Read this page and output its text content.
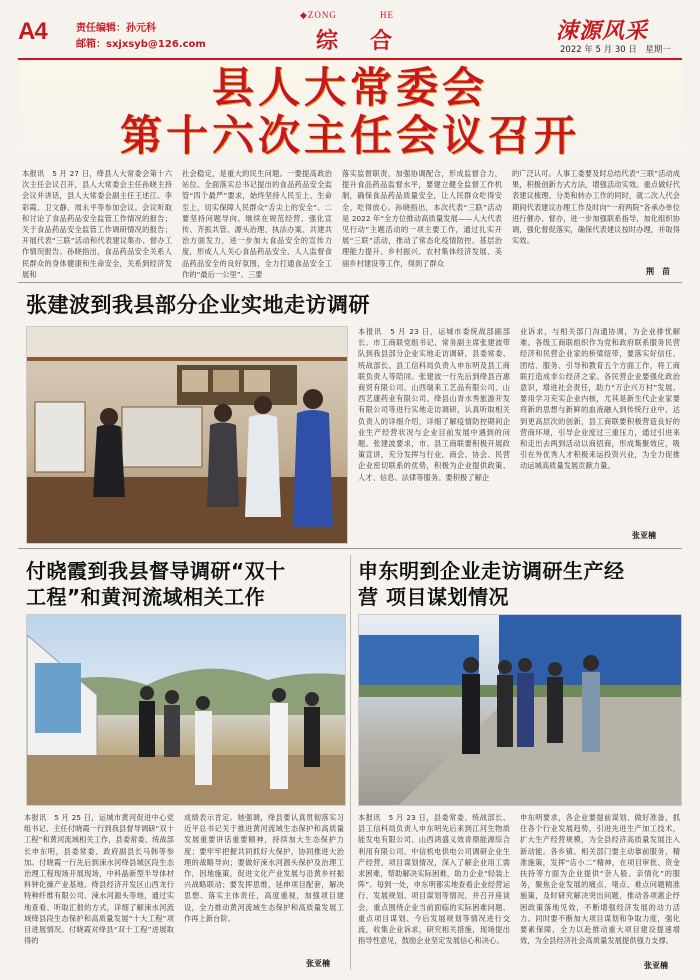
A4	责任编辑：孙元科
邮箱：sxjxsyb@126.com
◆ZONG	HE
综 合	涑源风采
2022 年 5 月 30 日　星期一
县人大常委会
第十六次主任会议召开
本报讯　5 月 27 日，绛县人大常委会第十六次主任会议召开，县人大常委会主任孙晓主持会议并讲话，县人大常委会副主任王述江、李彩霞、卫文静、周永平等参加会议。会议听取和讨论了食品药品安全监管工作情况的报告；关于食品药品安全监管工作调研情况的报告；开展代表“三联”活动和代表建议集办、督办工作情况报告。孙晓指出，食品药品安全关系人民群众的身体健康和生命安全，关系到经济发展和
社会稳定，是重大的民生问题。一要提高政治站位。全面落实总书记提出的食品药品安全监管“四个最严”要求，始终坚持人民至上、生命至上，切实保障人民群众“舌尖上的安全”。二要坚持问题导向。继续在规范经营、强化宣传、齐抓共管、源头治理、执法办案、共建共治方面发力，进一步加大食品安全的宣传力度，形成人人关心食品药品安全、人人监督食品药品安全的良好氛围，全力打通食品安全工作的“最后一公里”。三要
落实监督职责，加强协调配合，形成监督合力，提升食品药品监督水平，要建立健全监督工作机制，确保食品药品质量安全，让人民群众吃得安全、吃得放心。孙晓指出，本次代表“三联”活动是 2022 年“全方位推动高质量发展——人大代表见行动”主题活动的一项主要工作，通过扎实开展“三联”活动，推动了常态化疫情防控、基层治理能力提升、乡村振兴、农村集体经济发展、美丽乡村建设等工作，得到了群众
的广泛认可。人事工委要及时总结代表“三联”活动成果，积极创新方式方法，增强活动实效。重点做好代表建议梳理、分类和转办工作的同时，就二次人代会期间代表建议办理工作及时向“一府两院”各承办单位进行催办、督办，进一步加强联系指导，加化组织协调，强化督促落实，确保代表建议按时办理，并取得实效。
荆　苗
张建波到我县部分企业实地走访调研
本报讯　5 月 23 日，运城市委统战部副部长、市工商联党组书记、常务副主席张建波带队到我县部分企业实地走访调研，县委常委、统战部长、县工信科局负责人申东明及县工商联负责人等陪同。张建波一行先后到绛县百惠商贸有限公司、山西瑞来工艺品有限公司、山西艺康药业有限公司、绛县山青水秀旅游开发有限公司等进行实地走访调研，认真听取相关负责人的详细介绍，详细了解疫情防控期间企业生产经营状况与企业目前发展中遇到的问题。张建波要求，市、县工商联要积极开展政策宣讲，充分发挥与行业，商会、协会、民营企业密切联系的优势，积极为企业提供政策、人才、信息、法律等服务。要积极了解企
业诉求，与相关部门沟通协调，为企业排忧解难。各级工商联组织作为党和政府联系服务民营经济和民营企业家的桥梁纽带，要落实好信任、团结、服务、引导和教育五个方面工作，将工商联打造成非公经济之家。各民营企业要强化政治意识，增进社会责任，助力“万企兴万村”发展。要用学习充实企业内核，尤其是新生代企业家要将新的思想与新鲜的血液融入到传统行业中，达到更高层次的创新，县工商联要积极营造良好的营商环境，引导企业度过三重压力，通过引进来和走出去两到活动以商招商，形成集聚效应，吸引在外优秀人才积极来运投资兴业，为全力促推动运城高质量发展贡献力量。
张亚楠
付晓霞到我县督导调研“双十
工程”和黄河流域相关工作
本报讯　5 月 25 日，运城市黄河促进中心党组书记、主任付晓霞一行到我县督导调研“双十工程”和黄河流域相关工作，县委常委、统战部长申东明，县委常委、政府副县长马韩等参加。付晓霞一行先后到涑水河绛县城区段生态治理工程现场开展现场，中科晶新型半导体材料钟化操产业基地、绛县经济开发区山西龙行特种纤维有限公司、涑水河源头等地，通过实地查看、听取汇报的方式，详细了解涑水河流域绛县段生态保护和高质量发展“十大工程”项目进展情况。付晓霞对绛县“双十工程”进展取得的
成绩表示肯定。她强调，绛县要认真贯彻落实习近平总书记关于推进黄河流域生态保护和高质量发展重要讲话重要精神，持续加大生态保护力度；要牢牢把握共同抓好大保护，协同推进大治理的战略导向；要做好涑水河源头保护及治理工作，因地施策，促进文化产业发展与沿黄乡村振兴战略联动；要发挥思维，延伸项目配套，解决思想、落实主体责任，高度重视，加强项目建设，全力推动黄河流域生态保护和高质量发展工作再上新台阶。
张亚楠
申东明到企业走访调研生产经
营 项目谋划情况
本报讯　5 月 23 日，县委常委、统战部长、县工信科局负责人申东明先后来到江河生物质能发电有限公司、山西鸿盛义效青鼎能源综合利用有限公司、中信机电供电公司调研企业生产经营，项目谋划情况，深入了解企业用工需求困难，帮助解决实际困难，助力企业“轻装上阵”。每到一处，申东明都实地查看企业经营运行、发展规划、项目谋划等情况，并召开座谈会，重点围绕企业当前面临的实际困难问题、重点项目谋划、今后发展规划等情况进行交流，收集企业诉求，研究相关措施，现场提出指导性意见，鼓励企业坚定发展信心和决心。
申东明要求，各企业要提前谋划、做好准备，抓住各个行业发展趋势，引进先进生产加工技术，扩大生产经营规模，为全县经济高质量发展注入新动能。各乡镇、相关部门要主动靠前服务，精准施策，发挥“店小二”精神，在项目审批、资金扶持等方面为企业提供“奈人般、亲情化”的服务，聚焦企业发展的痛点、堵点、难点问题精准施策，及时研究解决突出问题，推动各项惠企纾困政策落地见效，不断增强经济发展的动力活力。同时要不断加大项目谋划和争取力度，强化要素保障，全力以赴推动重大项目建设提速增效，为全县经济社会高质量发展提供强力支撑。
张亚楠
